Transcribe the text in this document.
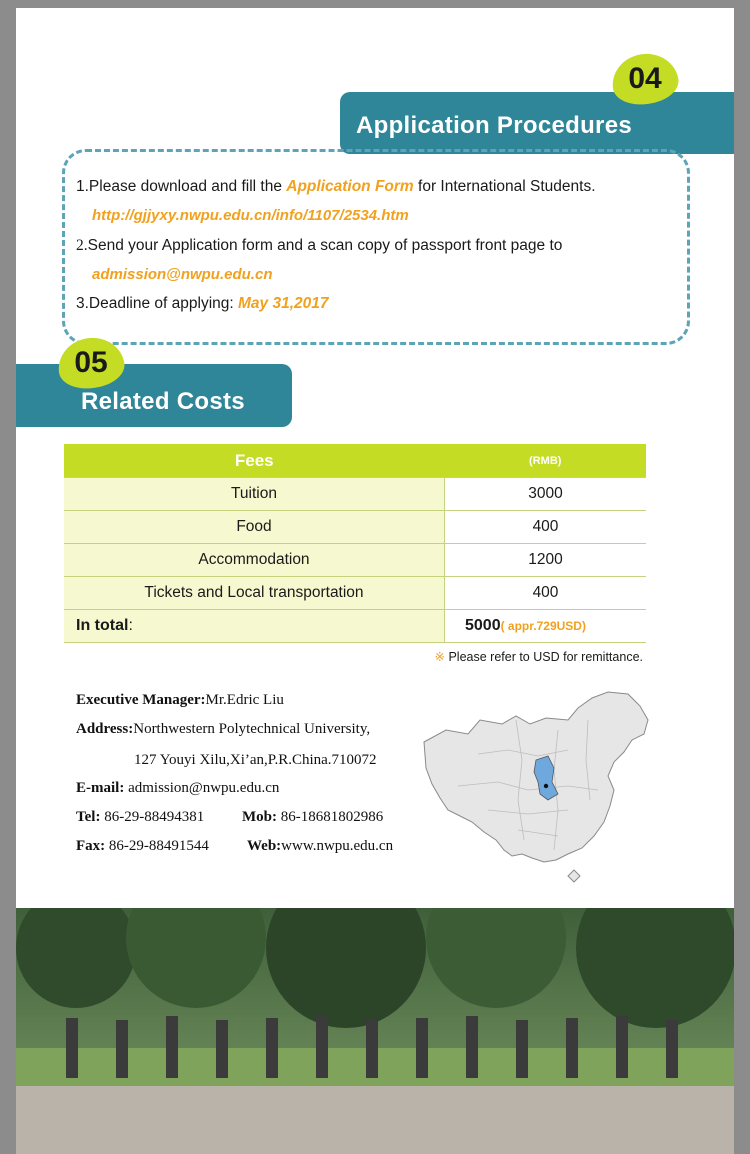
Application Procedures
04
1.Please download and fill the Application Form for International Students.
http://gjjyxy.nwpu.edu.cn/info/1107/2534.htm
2.Send your Application form and a scan copy of passport front page to
admission@nwpu.edu.cn
3.Deadline of applying: May 31,2017
Related Costs
05
Fees	(RMB)
Tuition	3000
Food	400
Accommodation	1200
Tickets and Local transportation	400
In total:	5000( appr.729USD)
※ Please refer to USD for remittance.
Executive Manager:Mr.Edric Liu
Address:Northwestern Polytechnical University,
127 Youyi Xilu,Xi’an,P.R.China.710072
E-mail: admission@nwpu.edu.cn
Tel: 86-29-88494381	Mob: 86-18681802986
Fax: 86-29-88491544	Web:www.nwpu.edu.cn
